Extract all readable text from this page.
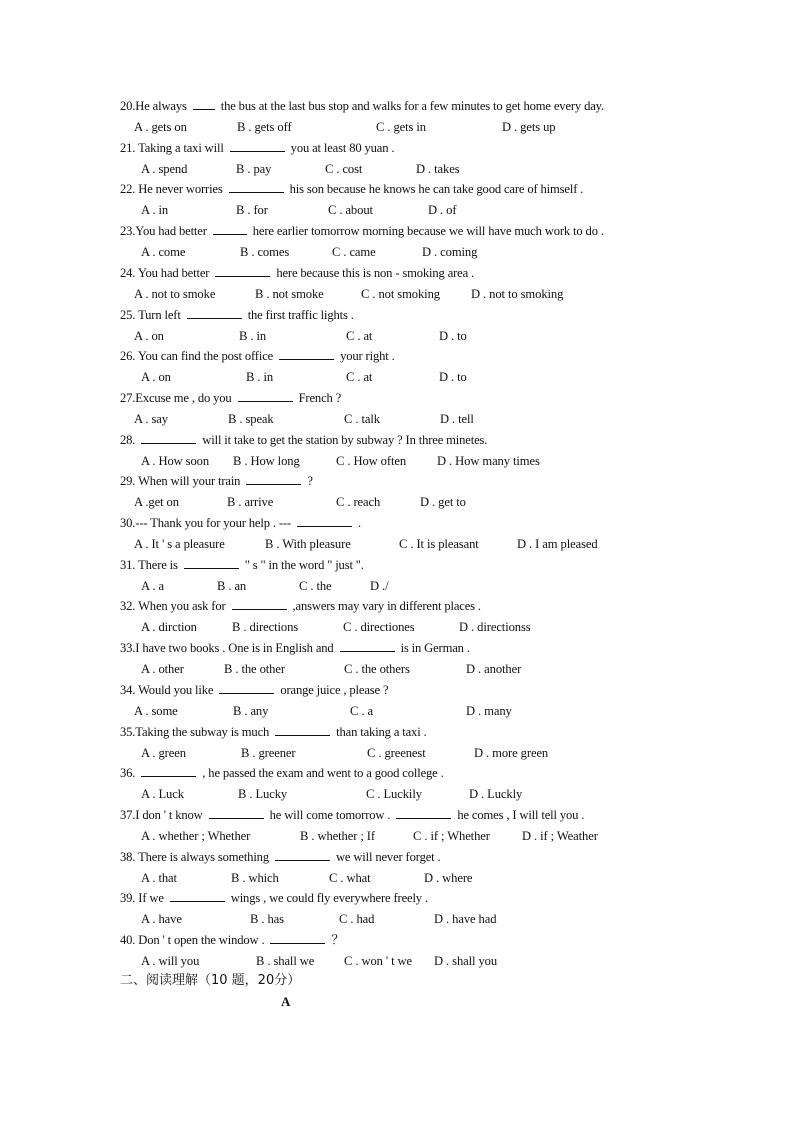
20.He always	the bus at the last bus stop and walks for a few minutes to get home every day.
A . gets on	B . gets off	C . gets in	D . gets up
21. Taking a taxi will	you at least 80 yuan .
A . spend	B . pay	C . cost	D . takes
22. He never worries	his son because he knows he can take good care of himself .
A . in	B . for	C . about	D . of
23.You had better	here earlier tomorrow morning because we will have much work to do .
A . come	B . comes	C . came	D . coming
24. You had better	here because this is non - smoking area .
A . not to smoke	B . not smoke	C . not smoking D . not to smoking
25. Turn left	the first traffic lights .
A . on	B . in	C . at	D . to
26. You can find the post office	your right .
A . on	B . in	C . at	D . to
27.Excuse me , do you	French ?
A . say	B . speak	C . talk	D . tell
28.	will it take to get the station by subway ? In three minetes.
A . How soon B . How long	C . How often D . How many times
29. When will your train	?
A .get on	B . arrive	C . reach	D . get to
30.--- Thank you for your help . ---	.
A . It ' s a pleasure	B . With pleasure	C . It is pleasant	D . I am pleased
31. There is	" s " in the word " just ".
A . a	B . an	C . the	D ./
32. When you ask for	,answers may vary in different places .
A . dirction	B . directions	C . directiones	D . directionss
33.I have two books . One is in English and	is in German .
A . other	B . the other	C . the others	D . another
34. Would you like	orange juice , please ?
A . some	B . any	C . a	D . many
35.Taking the subway is much	than taking a taxi .
A . green	B . greener	C . greenest	D . more green
36.	, he passed the exam and went to a good college .
A . Luck	B . Lucky	C . Luckily	D . Luckly
37.I don ' t know	he will come tomorrow .	he comes , I will tell you .
A . whether ; Whether	B . whether ; If	C . if ; Whether	D . if ; Weather
38. There is always something	we will never forget .
A . that	B . which	C . what	D . where
39. If we	wings , we could fly everywhere freely .
A . have	B . has	C . had	D . have had
40. Don ' t open the window .	？
A . will you	B . shall we C . won ' t we D . shall you
二、阅读理解（10 题，20分）
A
